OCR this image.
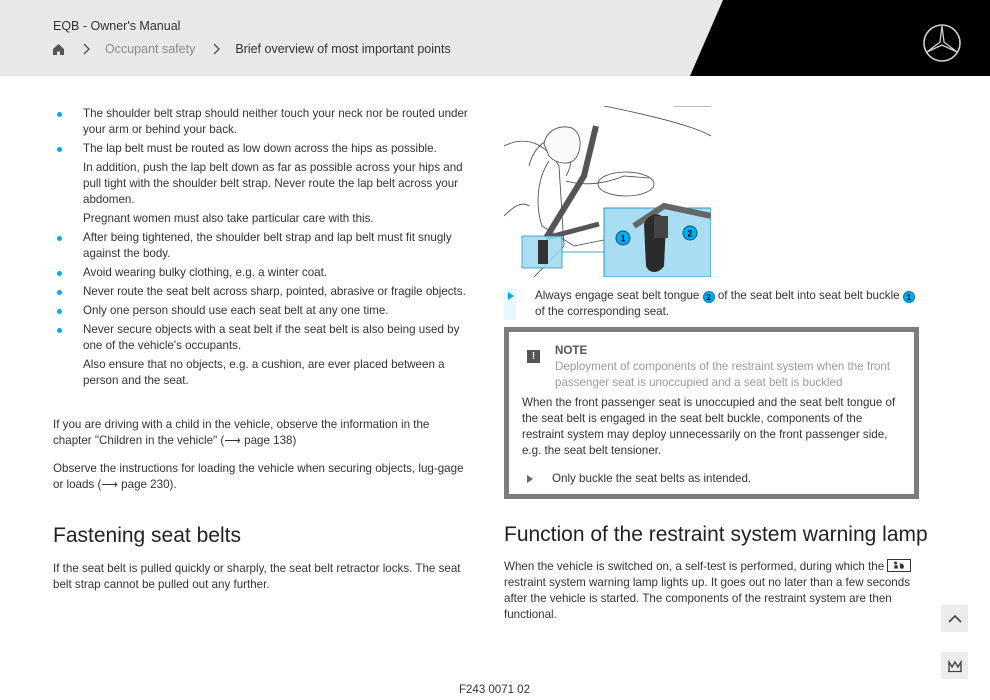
EQB - Owner's Manual
Occupant safety	Brief overview of most important points

The shoulder belt strap should neither touch your neck nor be routed under your arm or behind your back.

The lap belt must be routed as low down across the hips as possible.

In addition, push the lap belt down as far as possible across your hips and pull tight with the shoulder belt strap. Never route the lap belt across your abdomen.

Pregnant women must also take particular care with this.

After being tightened, the shoulder belt strap and lap belt must fit snugly against the body.

Avoid wearing bulky clothing, e.g. a winter coat.

Never route the seat belt across sharp, pointed, abrasive or fragile objects.

Only one person should use each seat belt at any one time.

Never secure objects with a seat belt if the seat belt is also being used by one of the vehicle's occupants.

Also ensure that no objects, e.g. a cushion, are ever placed between a person and the seat.

If you are driving with a child in the vehicle, observe the information in the chapter "Children in the vehicle" (⟶ page 138)

Observe the instructions for loading the vehicle when securing objects, lug-gage or loads (⟶ page 230).

Fastening seat belts

If the seat belt is pulled quickly or sharply, the seat belt retractor locks. The seat belt strap cannot be pulled out any further.

1	2

Always engage seat belt tongue 2 of the seat belt into seat belt buckle 1 of the corresponding seat.

!	NOTE
Deployment of components of the restraint system when the front passenger seat is unoccupied and a seat belt is buckled
When the front passenger seat is unoccupied and the seat belt tongue of the seat belt is engaged in the seat belt buckle, components of the restraint system may deploy unnecessarily on the front passenger side, e.g. the seat belt tensioner.
Only buckle the seat belts as intended.
Function of the restraint system warning lamp

When the vehicle is switched on, a self-test is performed, during which the  restraint system warning lamp lights up. It goes out no later than a few seconds after the vehicle is started. The components of the restraint system are then functional.

F243 0071 02
